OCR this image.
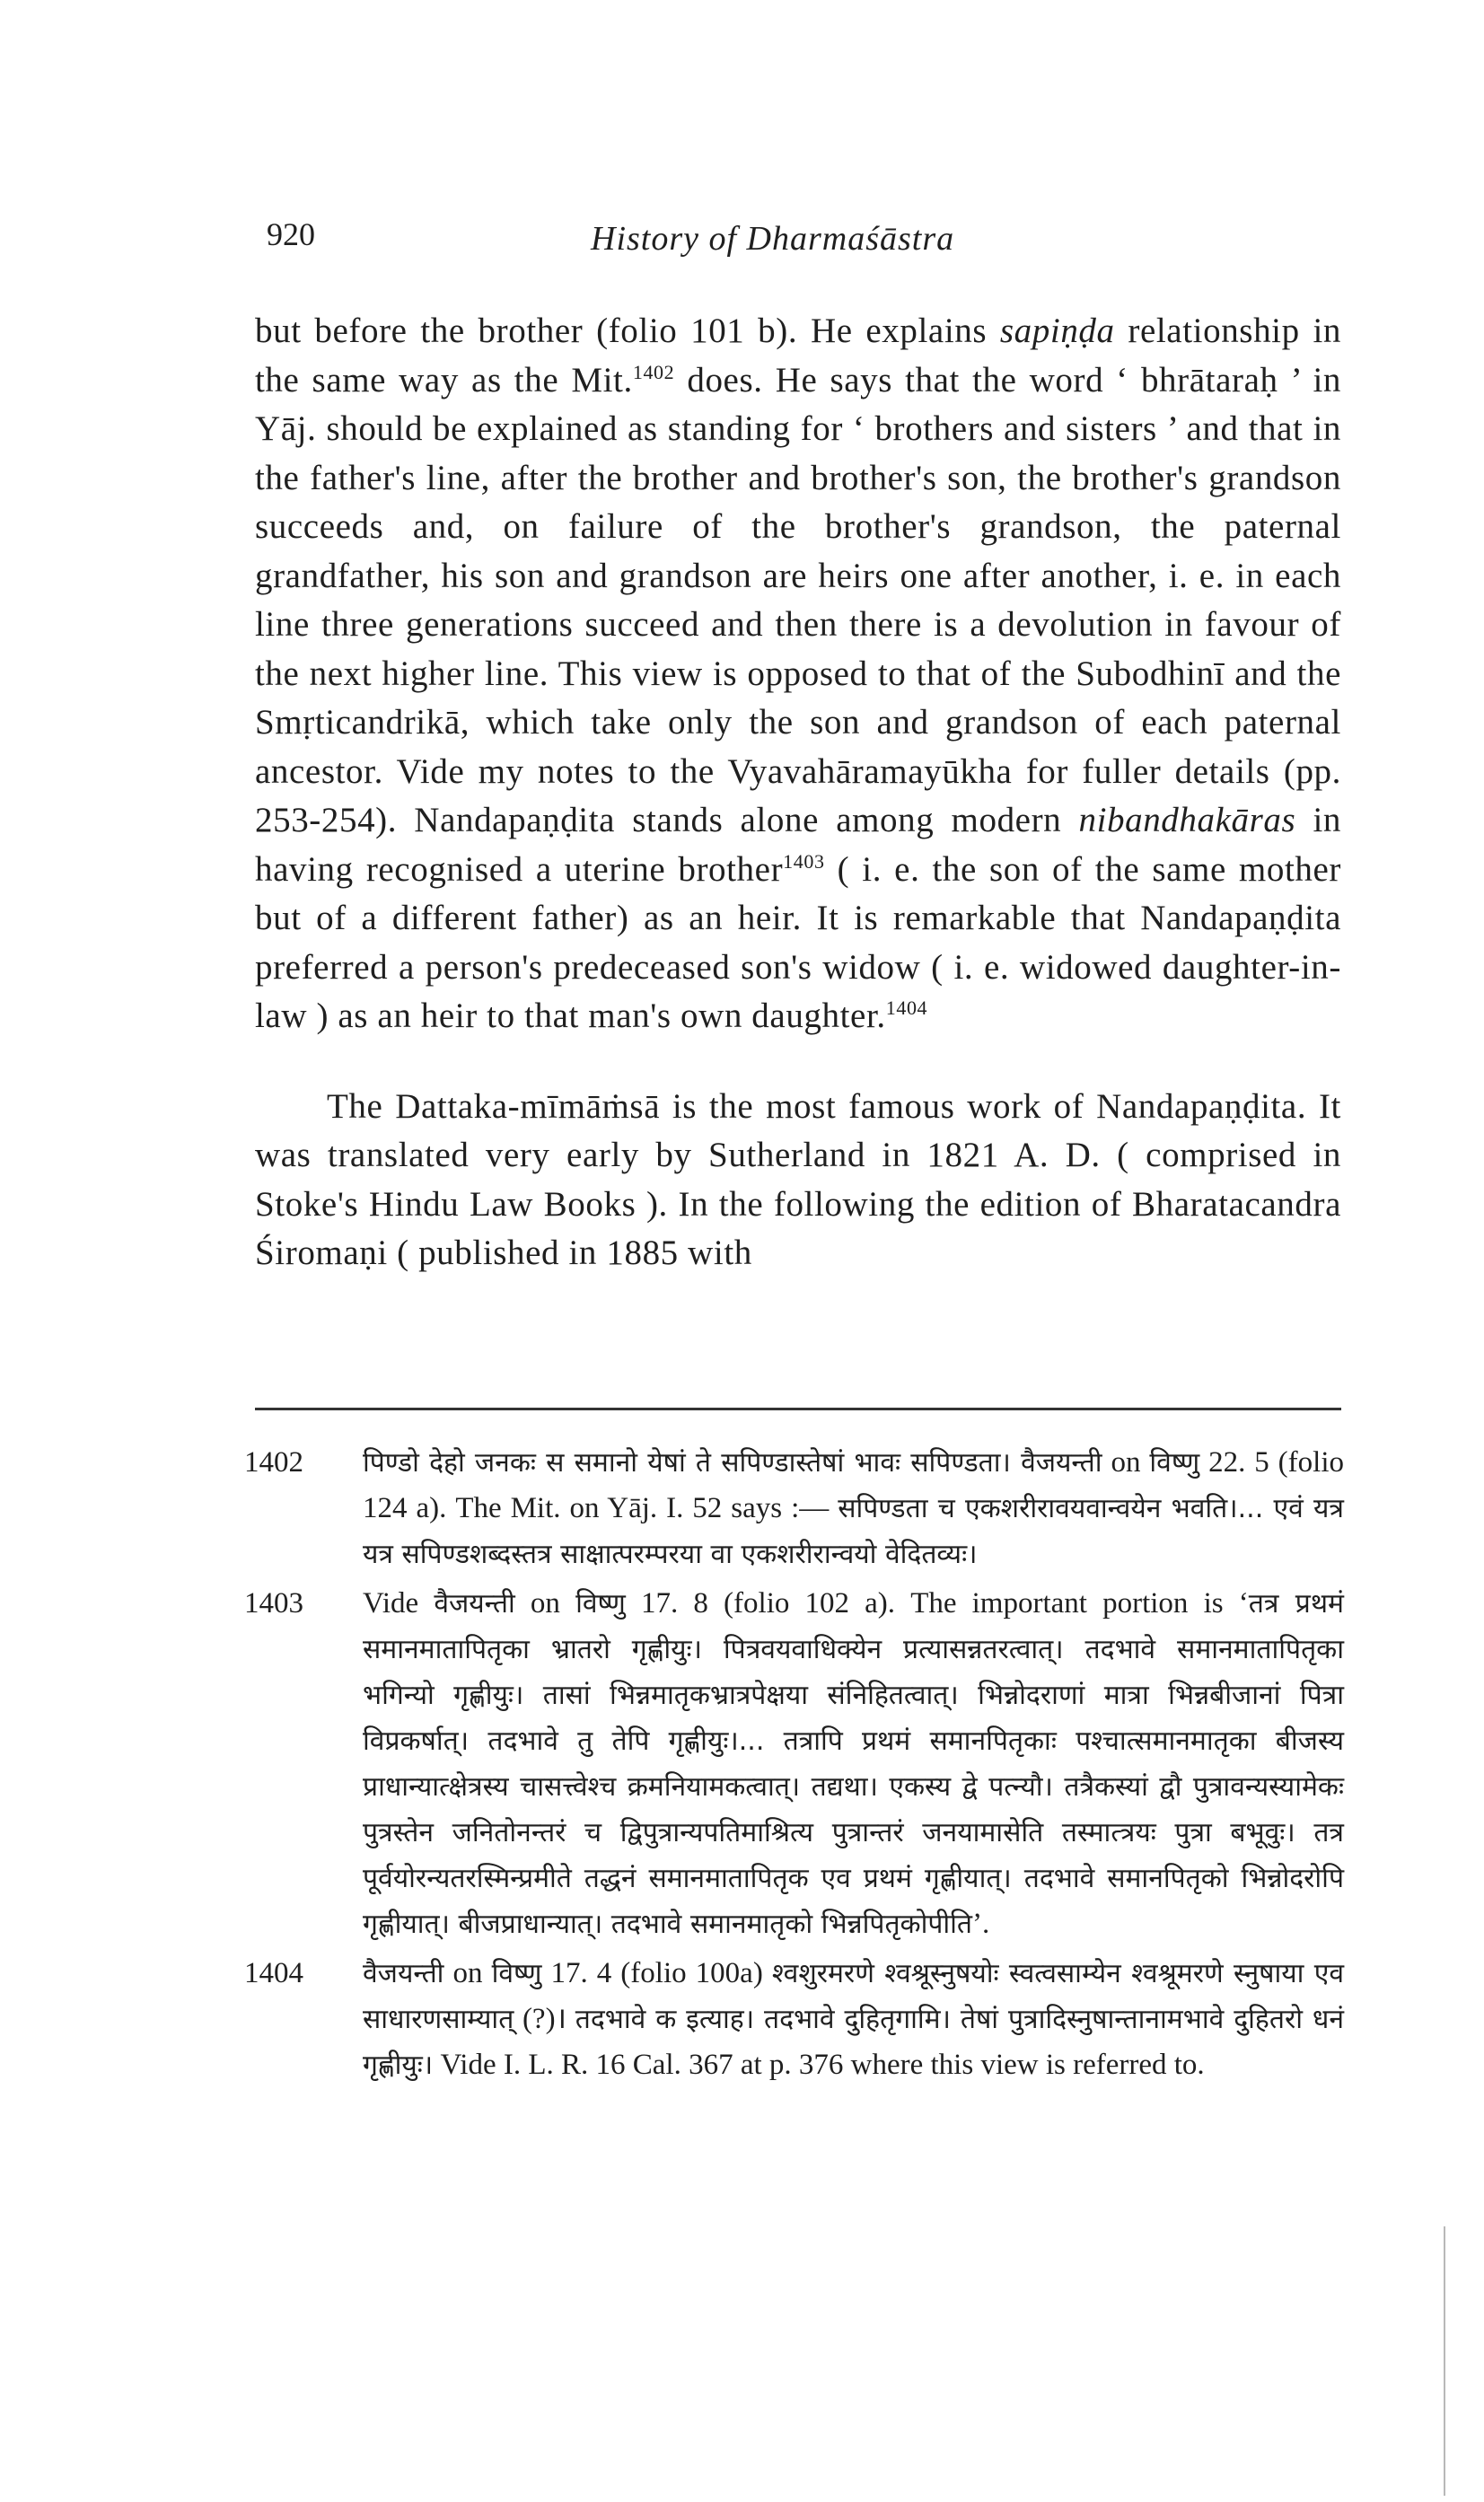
920	History of Dharmaśāstra

but before the brother (folio 101 b). He explains sapiṇḍa relationship in the same way as the Mit.$^{1402}$ does. He says that the word ‘ bhrātaraḥ ’ in Yāj. should be explained as standing for ‘ brothers and sisters ’ and that in the father's line, after the brother and brother's son, the brother's grandson succeeds and, on failure of the brother's grandson, the paternal grandfather, his son and grandson are heirs one after another, i. e. in each line three generations succeed and then there is a devolution in favour of the next higher line. This view is opposed to that of the Subodhinī and the Smṛticandrikā, which take only the son and grandson of each paternal ancestor. Vide my notes to the Vyavahāramayūkha for fuller details (pp. 253-254). Nandapaṇḍita stands alone among modern nibandhakāras in having recognised a uterine brother$^{1403}$ ( i. e. the son of the same mother but of a different father) as an heir. It is remarkable that Nandapaṇḍita preferred a person's predeceased son's widow ( i. e. widowed daughter-in-law ) as an heir to that man's own daughter.$^{1404}$

The Dattaka-mīmāṁsā is the most famous work of Nandapaṇḍita. It was translated very early by Sutherland in 1821 A. D. ( comprised in Stoke's Hindu Law Books ). In the following the edition of Bharatacandra Śiromaṇi ( published in 1885 with

1402	पिण्डो देहो जनकः स समानो येषां ते सपिण्डास्तेषां भावः सपिण्डता। वैजयन्ती on विष्णु 22. 5 (folio 124 a). The Mit. on Yāj. I. 52 says :— सपिण्डता च एकशरीरावयवान्वयेन भवति।... एवं यत्र यत्र सपिण्डशब्दस्तत्र साक्षात्परम्परया वा एकशरीरान्वयो वेदितव्यः।
1403	Vide वैजयन्ती on विष्णु 17. 8 (folio 102 a). The important portion is ‘तत्र प्रथमं समानमातापितृका भ्रातरो गृह्णीयुः। पित्रवयवाधिक्येन प्रत्यासन्नतरत्वात्। तदभावे समानमातापितृका भगिन्यो गृह्णीयुः। तासां भिन्नमातृकभ्रात्रपेक्षया संनिहितत्वात्। भिन्नोदराणां मात्रा भिन्नबीजानां पित्रा विप्रकर्षात्। तदभावे तु तेपि गृह्णीयुः।... तत्रापि प्रथमं समानपितृकाः पश्चात्समानमातृका बीजस्य प्राधान्यात्क्षेत्रस्य चासत्त्वेश्च क्रमनियामकत्वात्। तद्यथा। एकस्य द्वे पत्न्यौ। तत्रैकस्यां द्वौ पुत्रावन्यस्यामेकः पुत्रस्तेन जनितोनन्तरं च द्विपुत्रान्यपतिमाश्रित्य पुत्रान्तरं जनयामासेति तस्मात्त्रयः पुत्रा बभूवुः। तत्र पूर्वयोरन्यतरस्मिन्प्रमीते तद्धनं समानमातापितृक एव प्रथमं गृह्णीयात्। तदभावे समानपितृको भिन्नोदरोपि गृह्णीयात्। बीजप्राधान्यात्। तदभावे समानमातृको भिन्नपितृकोपीति’.
1404	वैजयन्ती on विष्णु 17. 4 (folio 100a) श्वशुरमरणे श्वश्रूस्नुषयोः स्वत्वसाम्येन श्वश्रूमरणे स्नुषाया एव साधारणसाम्यात् (?)। तदभावे क इत्याह। तदभावे दुहितृगामि। तेषां पुत्रादिस्नुषान्तानामभावे दुहितरो धनं गृह्णीयुः। Vide I. L. R. 16 Cal. 367 at p. 376 where this view is referred to.
